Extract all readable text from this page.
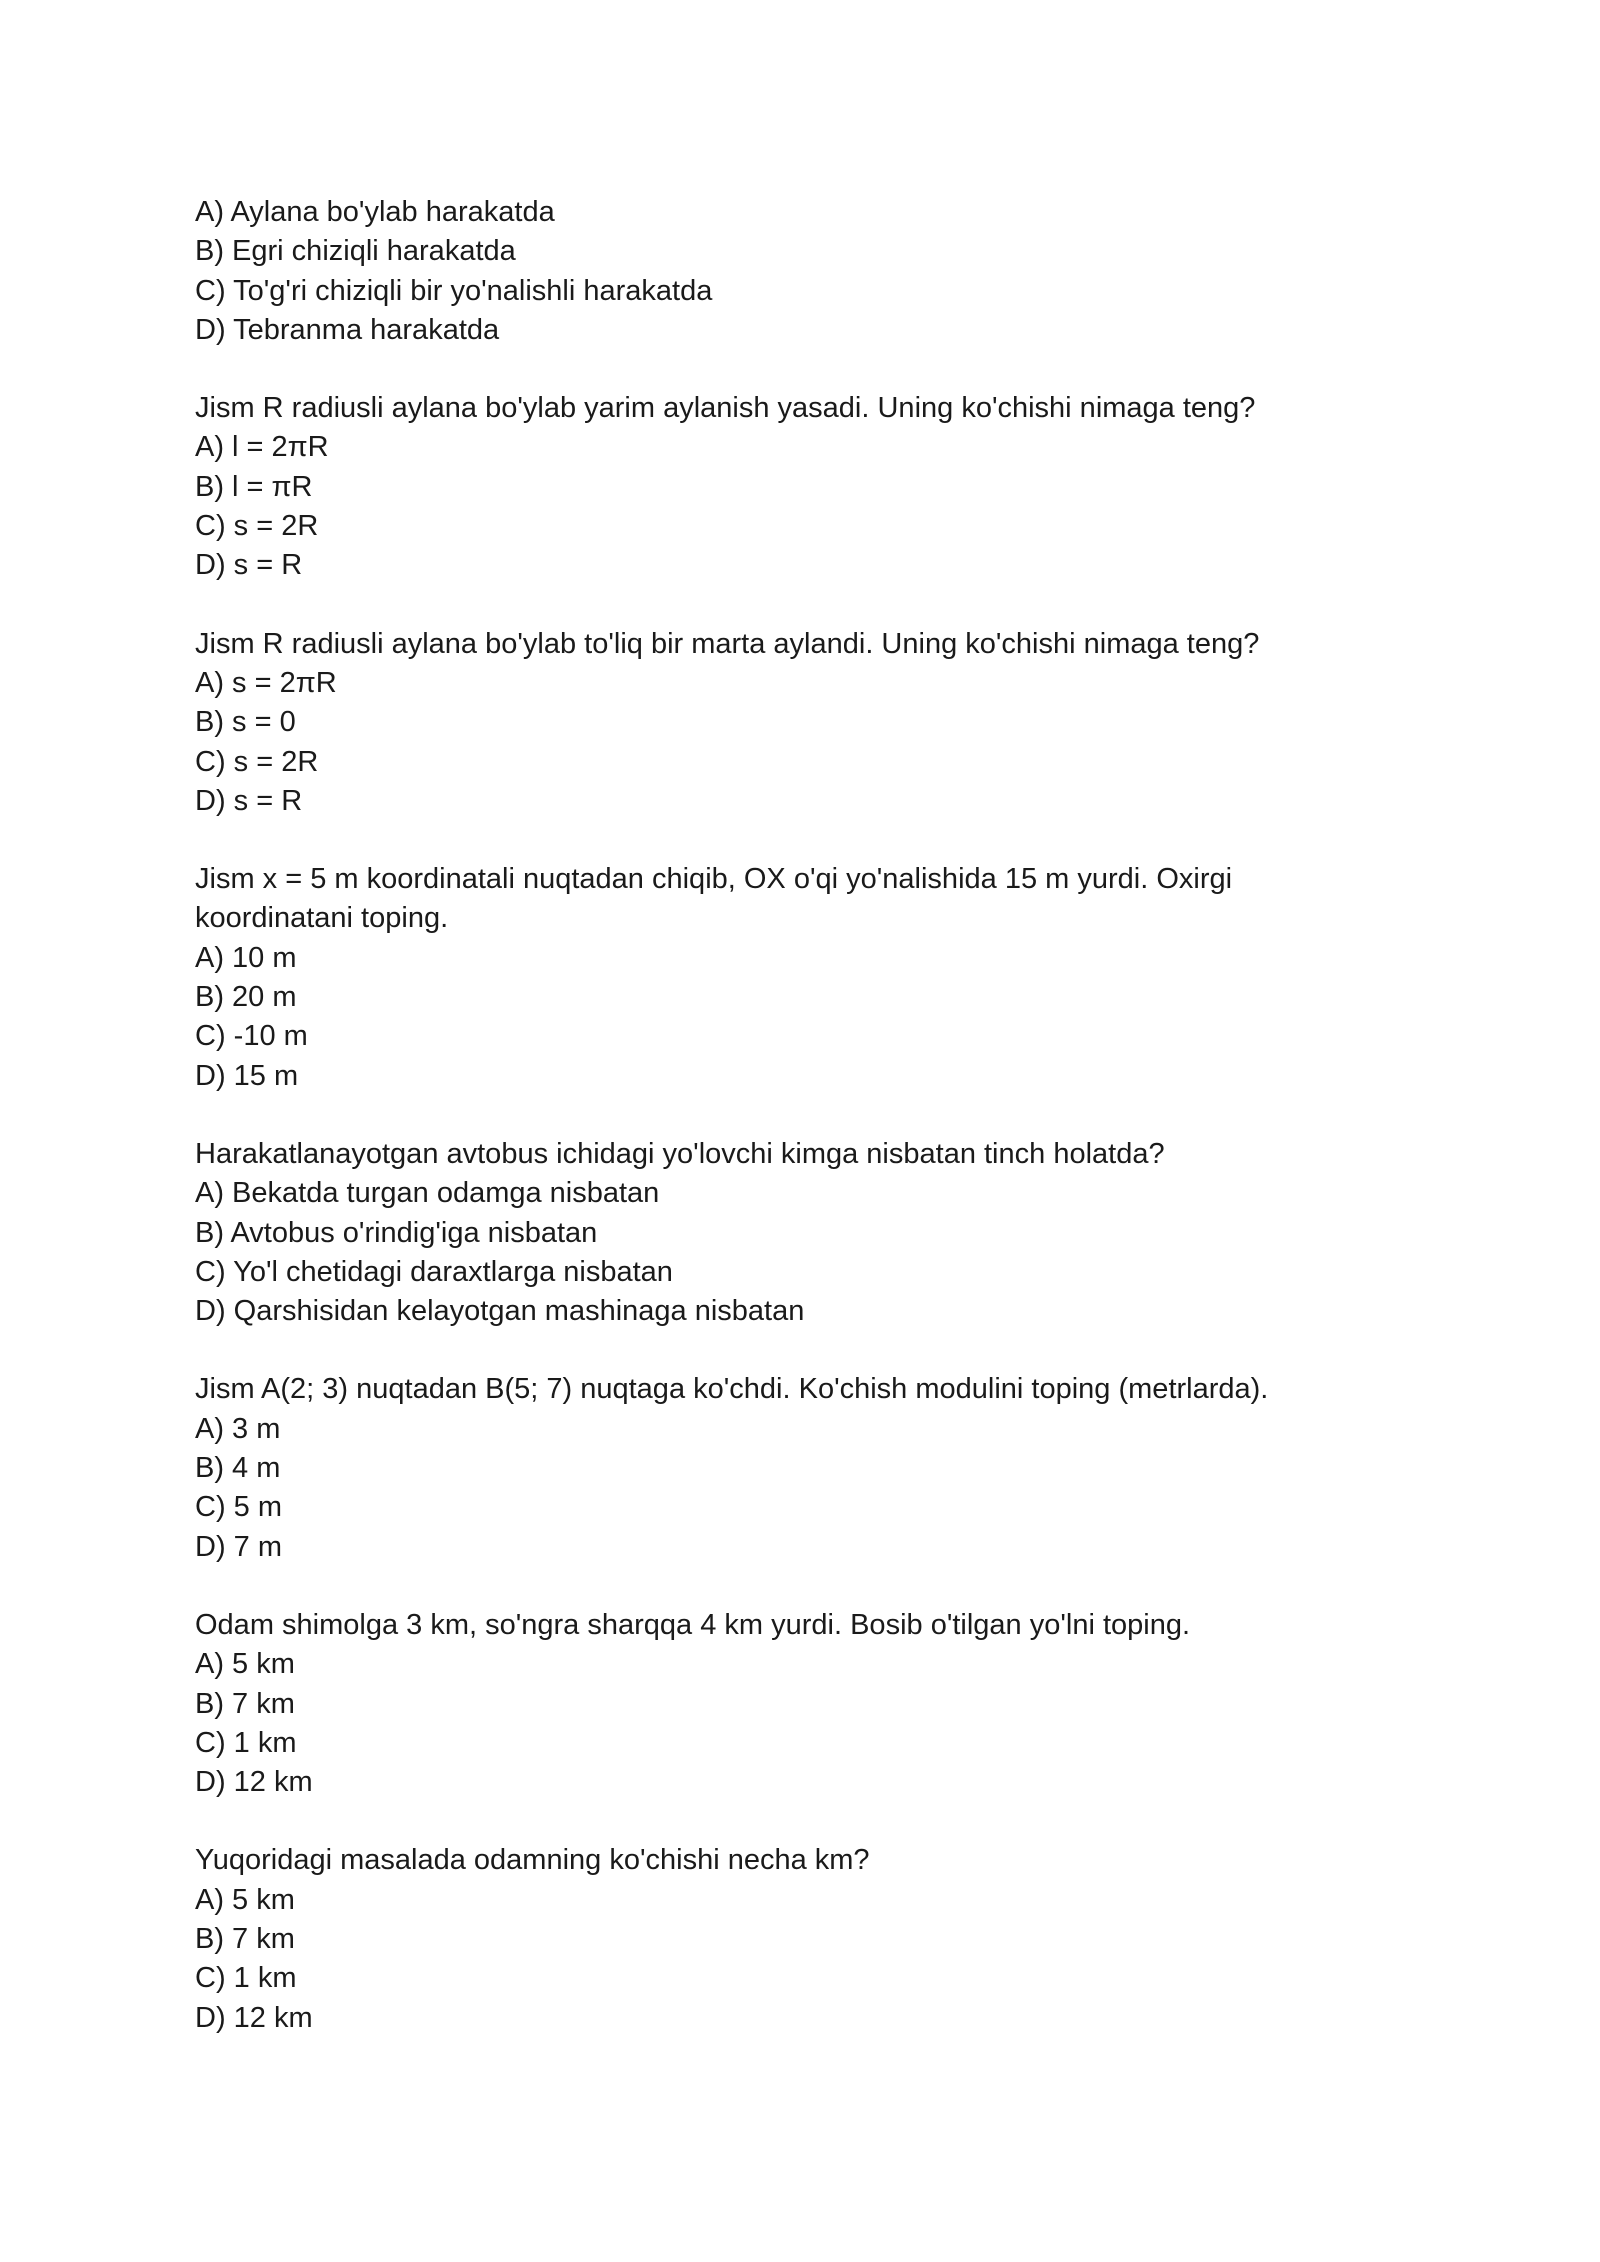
A) Aylana bo'ylab harakatda

B) Egri chiziqli harakatda

C) To'g'ri chiziqli bir yo'nalishli harakatda

D) Tebranma harakatda

Jism R radiusli aylana bo'ylab yarim aylanish yasadi. Uning ko'chishi nimaga teng?

A) l = 2πR

B) l = πR

C) s = 2R

D) s = R

Jism R radiusli aylana bo'ylab to'liq bir marta aylandi. Uning ko'chishi nimaga teng?

A) s = 2πR

B) s = 0

C) s = 2R

D) s = R

Jism x = 5 m koordinatali nuqtadan chiqib, OX o'qi yo'nalishida 15 m yurdi. Oxirgi

koordinatani toping.

A) 10 m

B) 20 m

C) -10 m

D) 15 m

Harakatlanayotgan avtobus ichidagi yo'lovchi kimga nisbatan tinch holatda?

A) Bekatda turgan odamga nisbatan

B) Avtobus o'rindig'iga nisbatan

C) Yo'l chetidagi daraxtlarga nisbatan

D) Qarshisidan kelayotgan mashinaga nisbatan

Jism A(2; 3) nuqtadan B(5; 7) nuqtaga ko'chdi. Ko'chish modulini toping (metrlarda).

A) 3 m

B) 4 m

C) 5 m

D) 7 m

Odam shimolga 3 km, so'ngra sharqqa 4 km yurdi. Bosib o'tilgan yo'lni toping.

A) 5 km

B) 7 km

C) 1 km

D) 12 km

Yuqoridagi masalada odamning ko'chishi necha km?

A) 5 km

B) 7 km

C) 1 km

D) 12 km
